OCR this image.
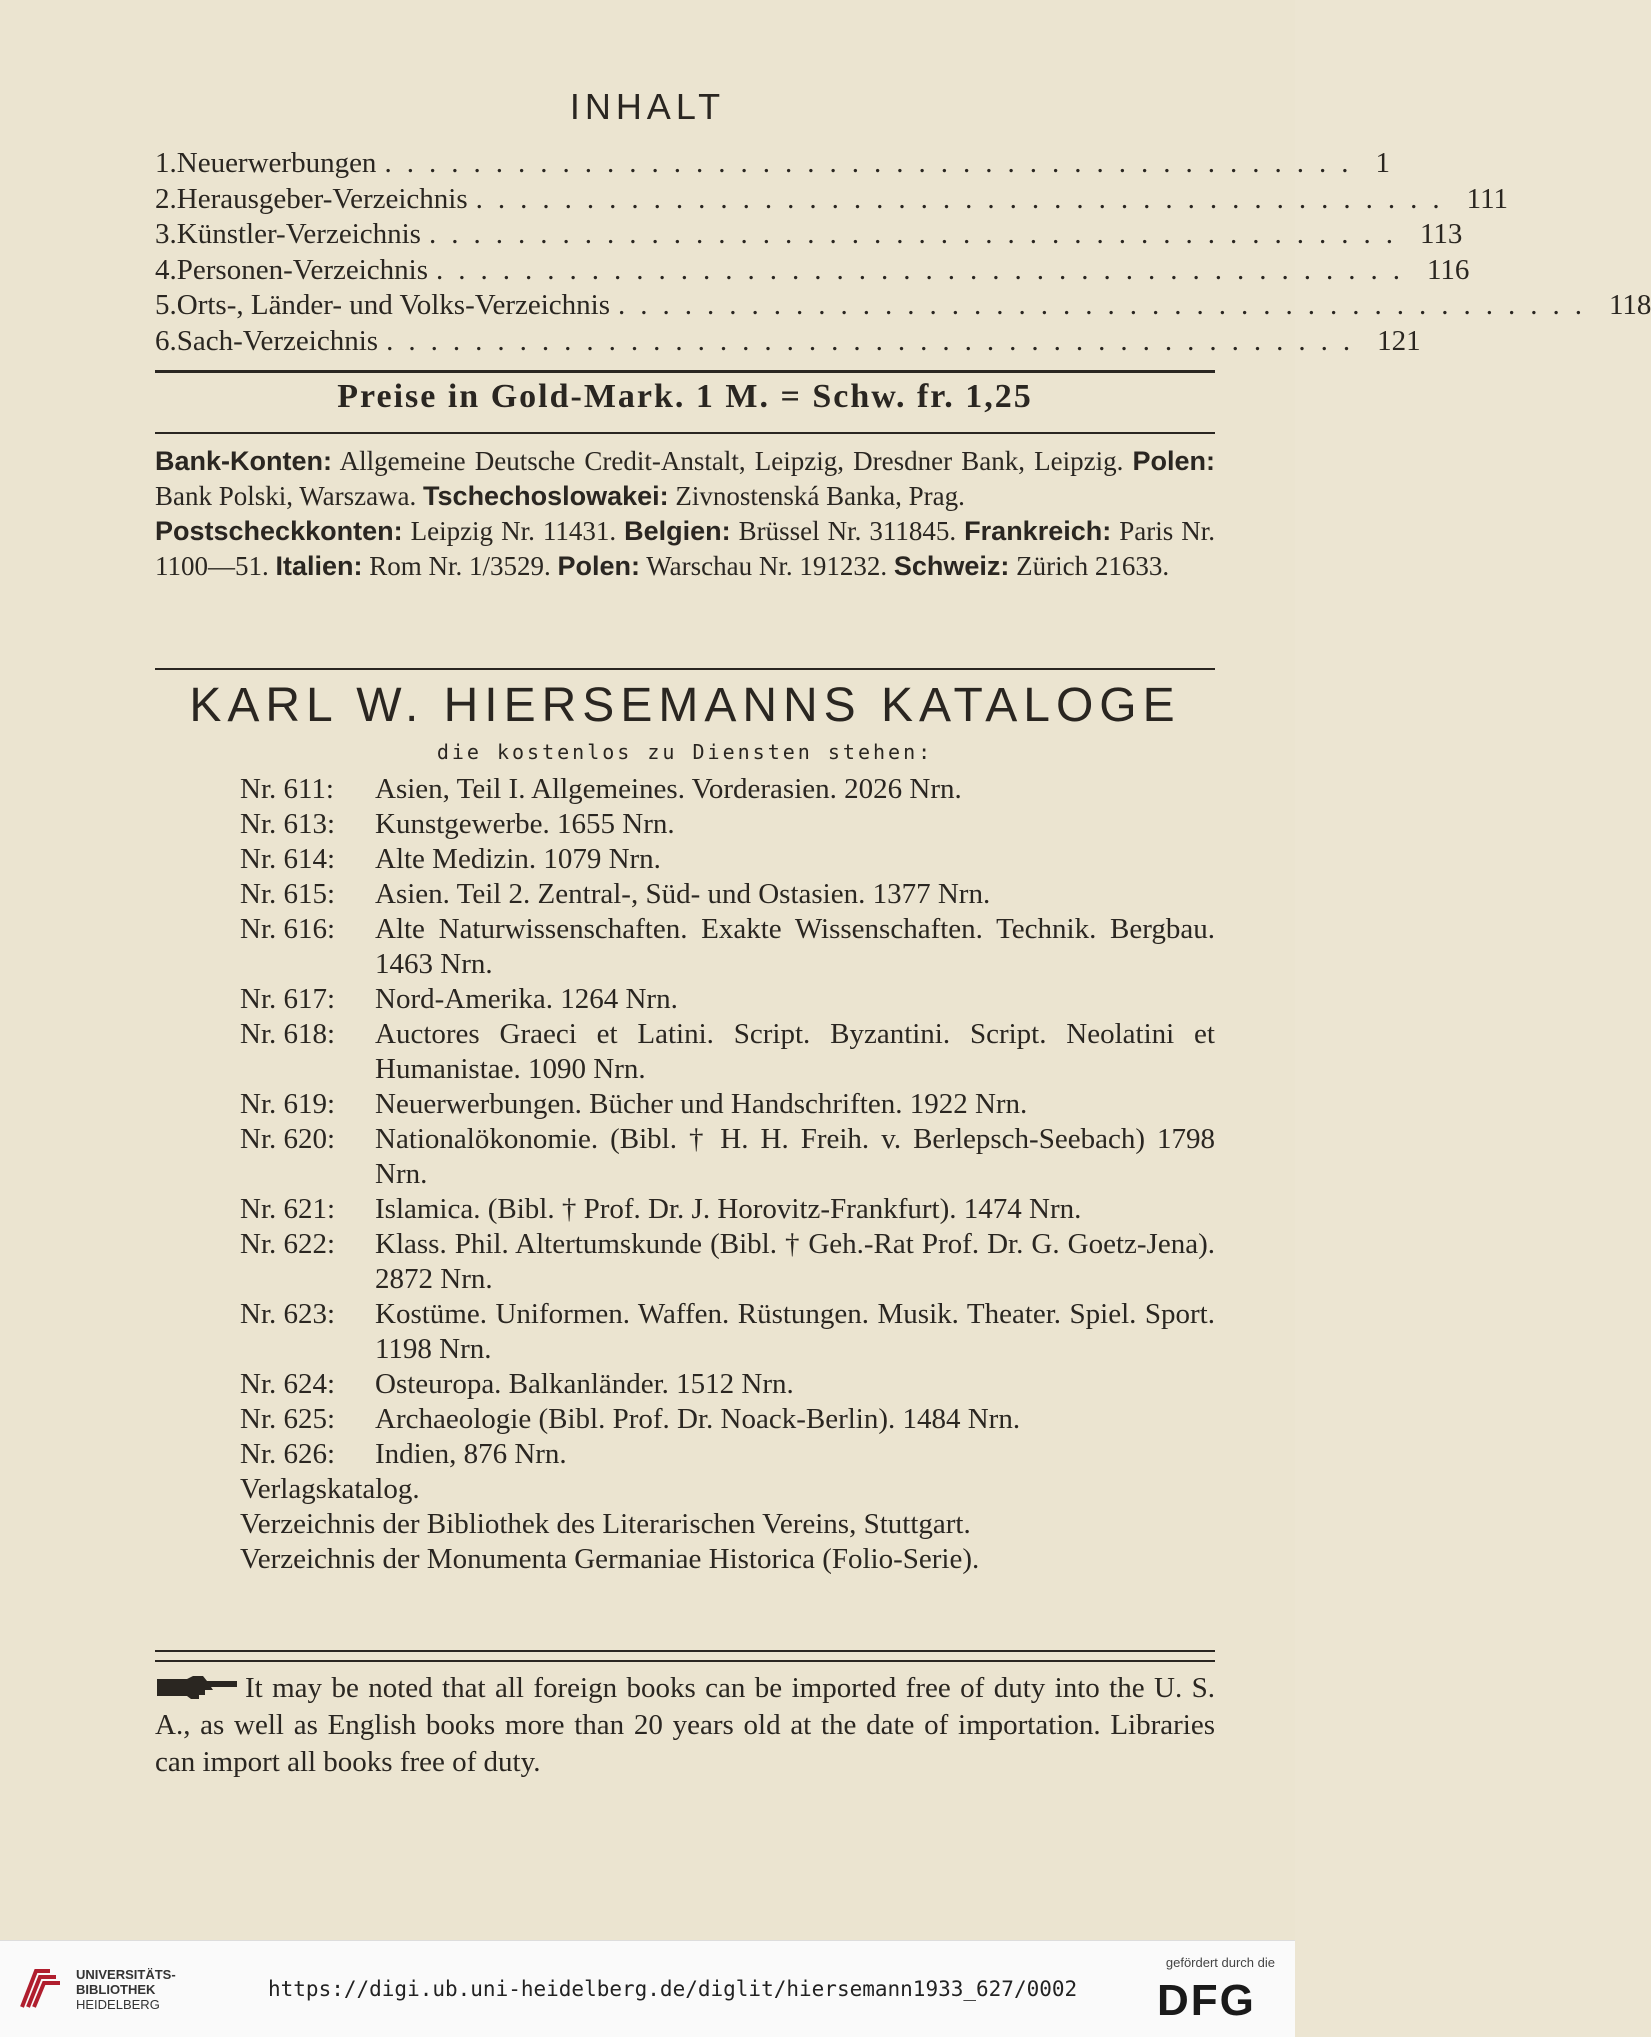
INHALT
1. Neuerwerbungen ............................................ 1
2. Herausgeber-Verzeichnis ............................................ 111
3. Künstler-Verzeichnis ............................................ 113
4. Personen-Verzeichnis ............................................ 116
5. Orts-, Länder- und Volks-Verzeichnis ............................................ 118
6. Sach-Verzeichnis ............................................ 121
Preise in Gold-Mark. 1 M. = Schw. fr. 1,25

Bank-Konten: Allgemeine Deutsche Credit-Anstalt, Leipzig, Dresdner Bank, Leipzig. Polen: Bank Polski, Warszawa. Tschechoslowakei: Zivnostenská Banka, Prag.

Postscheckkonten: Leipzig Nr. 11431. Belgien: Brüssel Nr. 311845. Frankreich: Paris Nr. 1100—51. Italien: Rom Nr. 1/3529. Polen: Warschau Nr. 191232. Schweiz: Zürich 21633.

KARL W. HIERSEMANNS KATALOGE
die kostenlos zu Diensten stehen:
Nr. 611:	Asien, Teil I. Allgemeines. Vorderasien. 2026 Nrn.
Nr. 613:	Kunstgewerbe. 1655 Nrn.
Nr. 614:	Alte Medizin. 1079 Nrn.
Nr. 615:	Asien. Teil 2. Zentral-, Süd- und Ostasien. 1377 Nrn.
Nr. 616:	Alte Naturwissenschaften. Exakte Wissenschaften. Technik. Bergbau. 1463 Nrn.
Nr. 617:	Nord-Amerika. 1264 Nrn.
Nr. 618:	Auctores Graeci et Latini. Script. Byzantini. Script. Neolatini et Humanistae. 1090 Nrn.
Nr. 619:	Neuerwerbungen. Bücher und Handschriften. 1922 Nrn.
Nr. 620:	Nationalökonomie. (Bibl. † H. H. Freih. v. Berlepsch-Seebach) 1798 Nrn.
Nr. 621:	Islamica. (Bibl. † Prof. Dr. J. Horovitz-Frankfurt). 1474 Nrn.
Nr. 622:	Klass. Phil. Altertumskunde (Bibl. † Geh.-Rat Prof. Dr. G. Goetz-Jena). 2872 Nrn.
Nr. 623:	Kostüme. Uniformen. Waffen. Rüstungen. Musik. Theater. Spiel. Sport. 1198 Nrn.
Nr. 624:	Osteuropa. Balkanländer. 1512 Nrn.
Nr. 625:	Archaeologie (Bibl. Prof. Dr. Noack-Berlin). 1484 Nrn.
Nr. 626:	Indien, 876 Nrn.

Verlagskatalog.

Verzeichnis der Bibliothek des Literarischen Vereins, Stuttgart.

Verzeichnis der Monumenta Germaniae Historica (Folio-Serie).

It may be noted that all foreign books can be imported free of duty into the U. S. A., as well as English books more than 20 years old at the date of importation. Libraries can import all books free of duty.
UNIVERSITÄTS-
BIBLIOTHEK
HEIDELBERG
https://digi.ub.uni-heidelberg.de/diglit/hiersemann1933_627/0002
gefördert durch die
DFG
